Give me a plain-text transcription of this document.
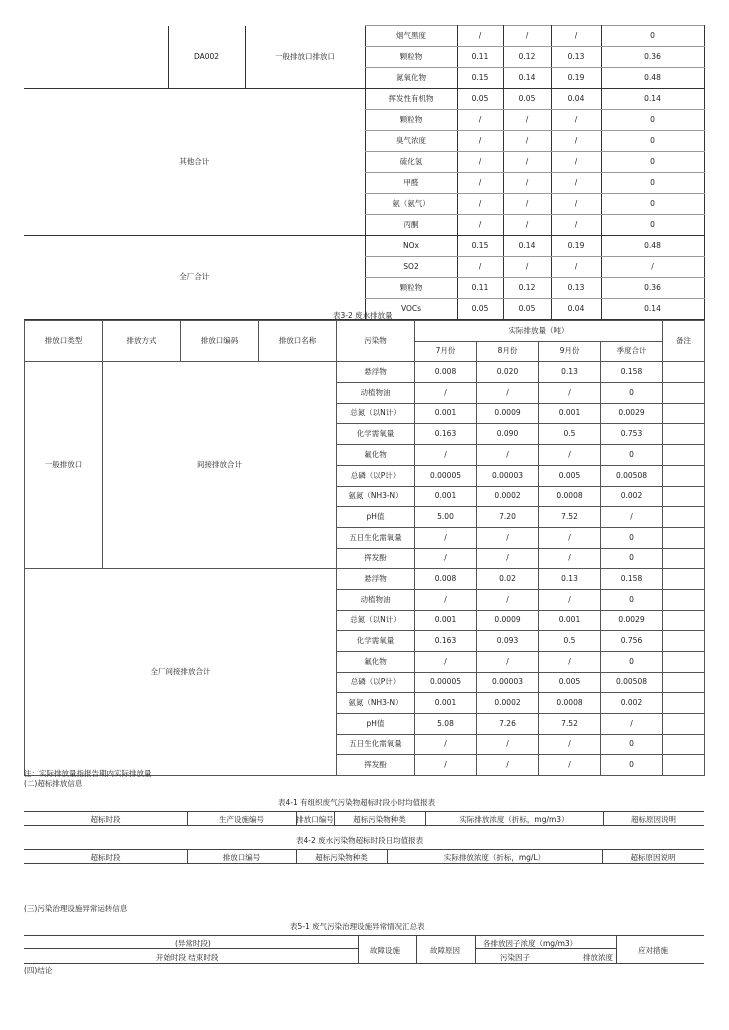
	DA002	一般排放口排放口	烟气黑度	/	/	/	0
			颗粒物	0.11	0.12	0.13	0.36
			氮氧化物	0.15	0.14	0.19	0.48
其他合计			挥发性有机物	0.05	0.05	0.04	0.14
			颗粒物	/	/	/	0
			臭气浓度	/	/	/	0
			硫化氢	/	/	/	0
			甲醛	/	/	/	0
			氨（氨气）	/	/	/	0
			丙酮	/	/	/	0
全厂合计			NOx	0.15	0.14	0.19	0.48
			SO2	/	/	/	/
			颗粒物	0.11	0.12	0.13	0.36
			VOCs	0.05	0.05	0.04	0.14
表3-2 废水排放量
排放口类型	排放方式	排放口编码	排放口名称	污染物	实际排放量（吨）				备注
					7月份	8月份	9月份	季度合计	
一般排放口	间接排放合计			悬浮物	0.008	0.020	0.13	0.158	
				动植物油	/	/	/	0	
				总氮（以N计）	0.001	0.0009	0.001	0.0029	
				化学需氧量	0.163	0.090	0.5	0.753	
				氟化物	/	/	/	0	
				总磷（以P计）	0.00005	0.00003	0.005	0.00508	
				氨氮（NH3-N）	0.001	0.0002	0.0008	0.002	
				pH值	5.00	7.20	7.52	/	
				五日生化需氧量	/	/	/	0	
				挥发酚	/	/	/	0	
全厂间接排放合计				悬浮物	0.008	0.02	0.13	0.158	
				动植物油	/	/	/	0	
				总氮（以N计）	0.001	0.0009	0.001	0.0029	
				化学需氧量	0.163	0.093	0.5	0.756	
				氟化物	/	/	/	0	
				总磷（以P计）	0.00005	0.00003	0.005	0.00508	
				氨氮（NH3-N）	0.001	0.0002	0.0008	0.002	
				pH值	5.08	7.26	7.52	/	
				五日生化需氧量	/	/	/	0	
				挥发酚	/	/	/	0	
注：实际排放量指报告期内实际排放量
(二)超标排放信息
表4-1 有组织废气污染物超标时段小时均值报表
超标时段	生产设施编号	排放口编号	超标污染物种类	实际排放浓度（折标，mg/m3）	超标原因说明
表4-2 废水污染物超标时段日均值报表
超标时段	排放口编号	超标污染物种类	实际排放浓度（折标，mg/L）	超标原因说明
(三)污染治理设施异常运转信息
表5-1 废气污染治理设施异常情况汇总表
(异常时段)
开始时段 结束时段
故障设施	故障原因
各排放因子浓度（mg/m3）
污染因子	排放浓度
应对措施
(四)结论
